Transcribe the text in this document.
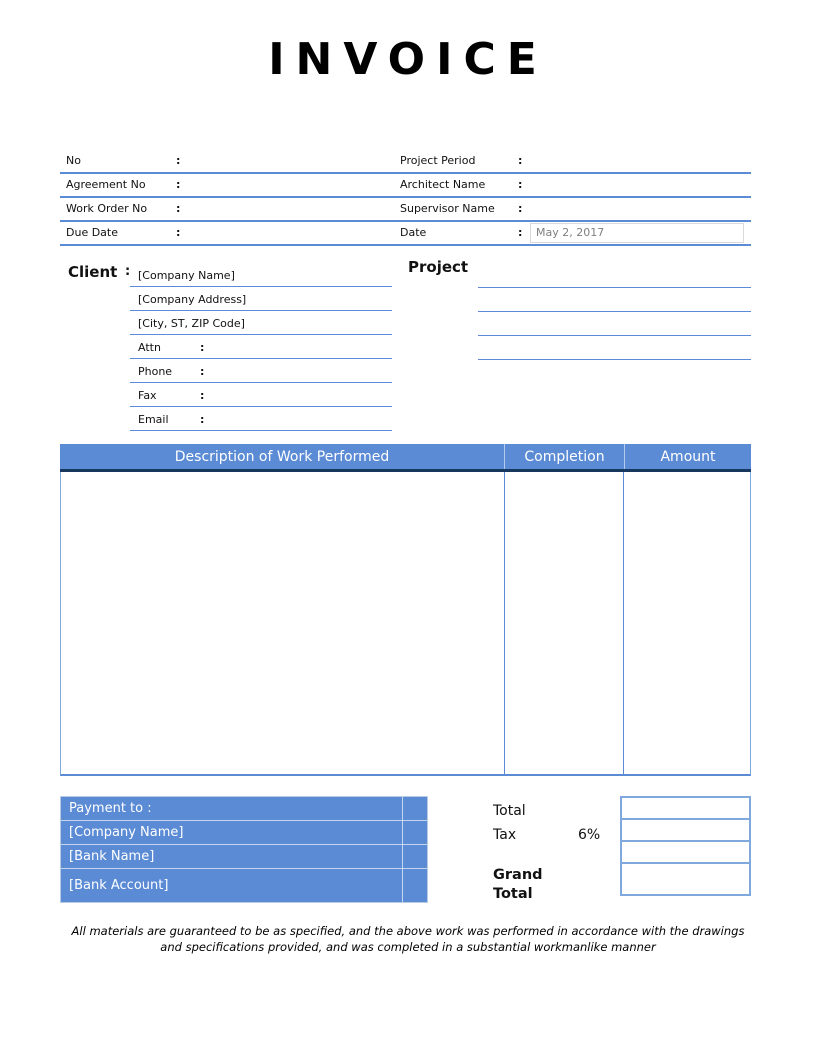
INVOICE
No	:	Project Period	:
Agreement No	:	Architect Name	:
Work Order No	:	Supervisor Name :
Due Date	:	Date	: May 2, 2017
Client : [Company Name]
[Company Address]
[City, ST, ZIP Code]
Attn	:
Phone	:
Fax	:
Email	:
Project
Description of Work Performed	Completion	Amount
Payment to :
[Company Name]
[Bank Name]
[Bank Account]
Total
Tax	6%
Grand Total
All materials are guaranteed to be as specified, and the above work was performed in accordance with the drawings and specifications provided, and was completed in a substantial workmanlike manner
